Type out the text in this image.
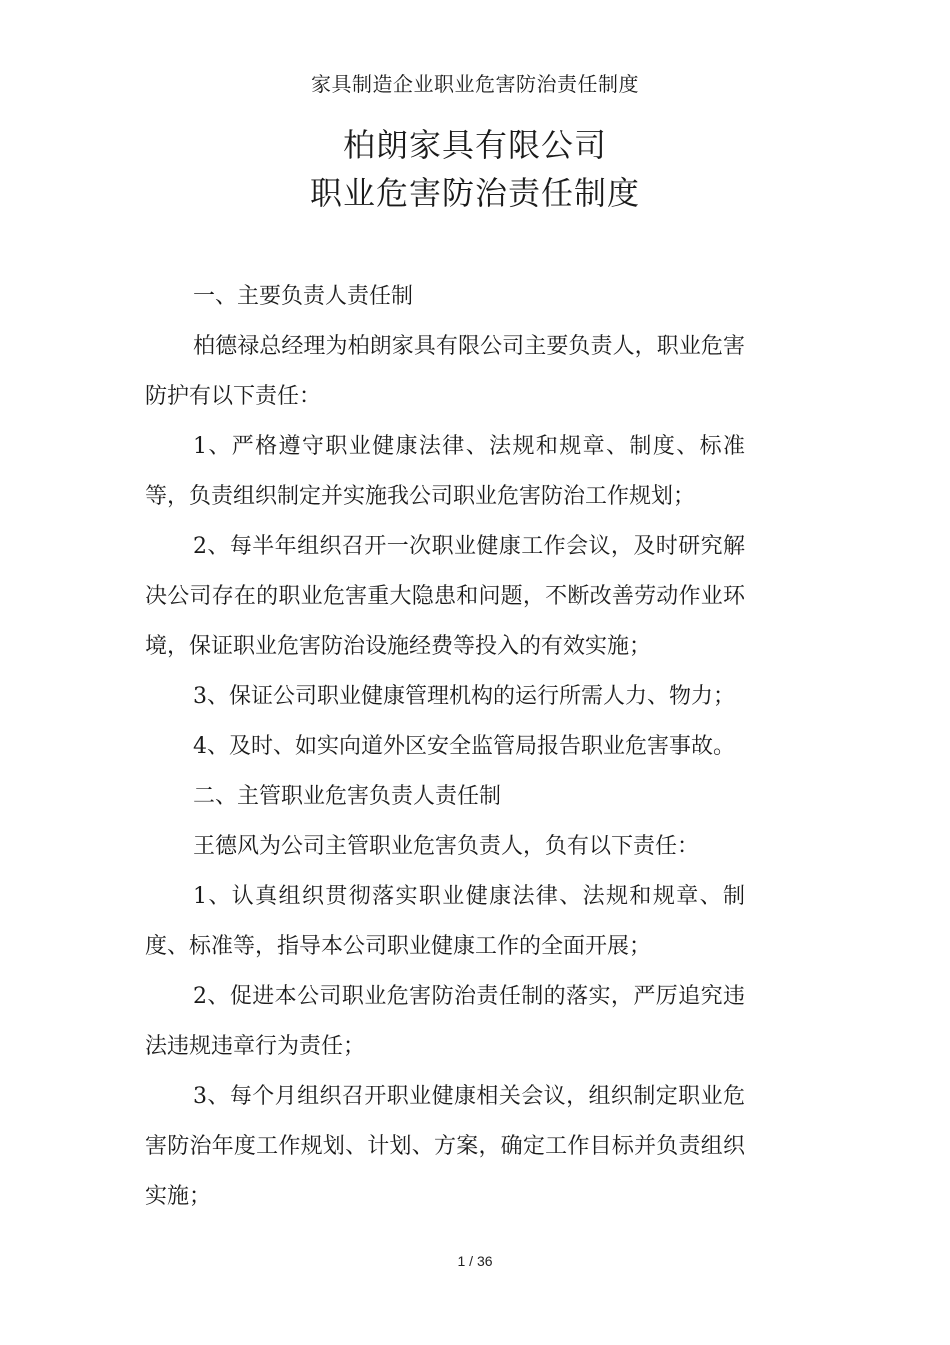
家具制造企业职业危害防治责任制度
柏朗家具有限公司
职业危害防治责任制度

一、主要负责人责任制

柏德禄总经理为柏朗家具有限公司主要负责人，职业危害防护有以下责任：

1、严格遵守职业健康法律、法规和规章、制度、标准等，负责组织制定并实施我公司职业危害防治工作规划；

2、每半年组织召开一次职业健康工作会议，及时研究解决公司存在的职业危害重大隐患和问题，不断改善劳动作业环境，保证职业危害防治设施经费等投入的有效实施；

3、保证公司职业健康管理机构的运行所需人力、物力；

4、及时、如实向道外区安全监管局报告职业危害事故。

二、主管职业危害负责人责任制

王德风为公司主管职业危害负责人，负有以下责任：

1、认真组织贯彻落实职业健康法律、法规和规章、制度、标准等，指导本公司职业健康工作的全面开展；

2、促进本公司职业危害防治责任制的落实，严厉追究违法违规违章行为责任；

3、每个月组织召开职业健康相关会议，组织制定职业危害防治年度工作规划、计划、方案，确定工作目标并负责组织实施；

1 / 36
